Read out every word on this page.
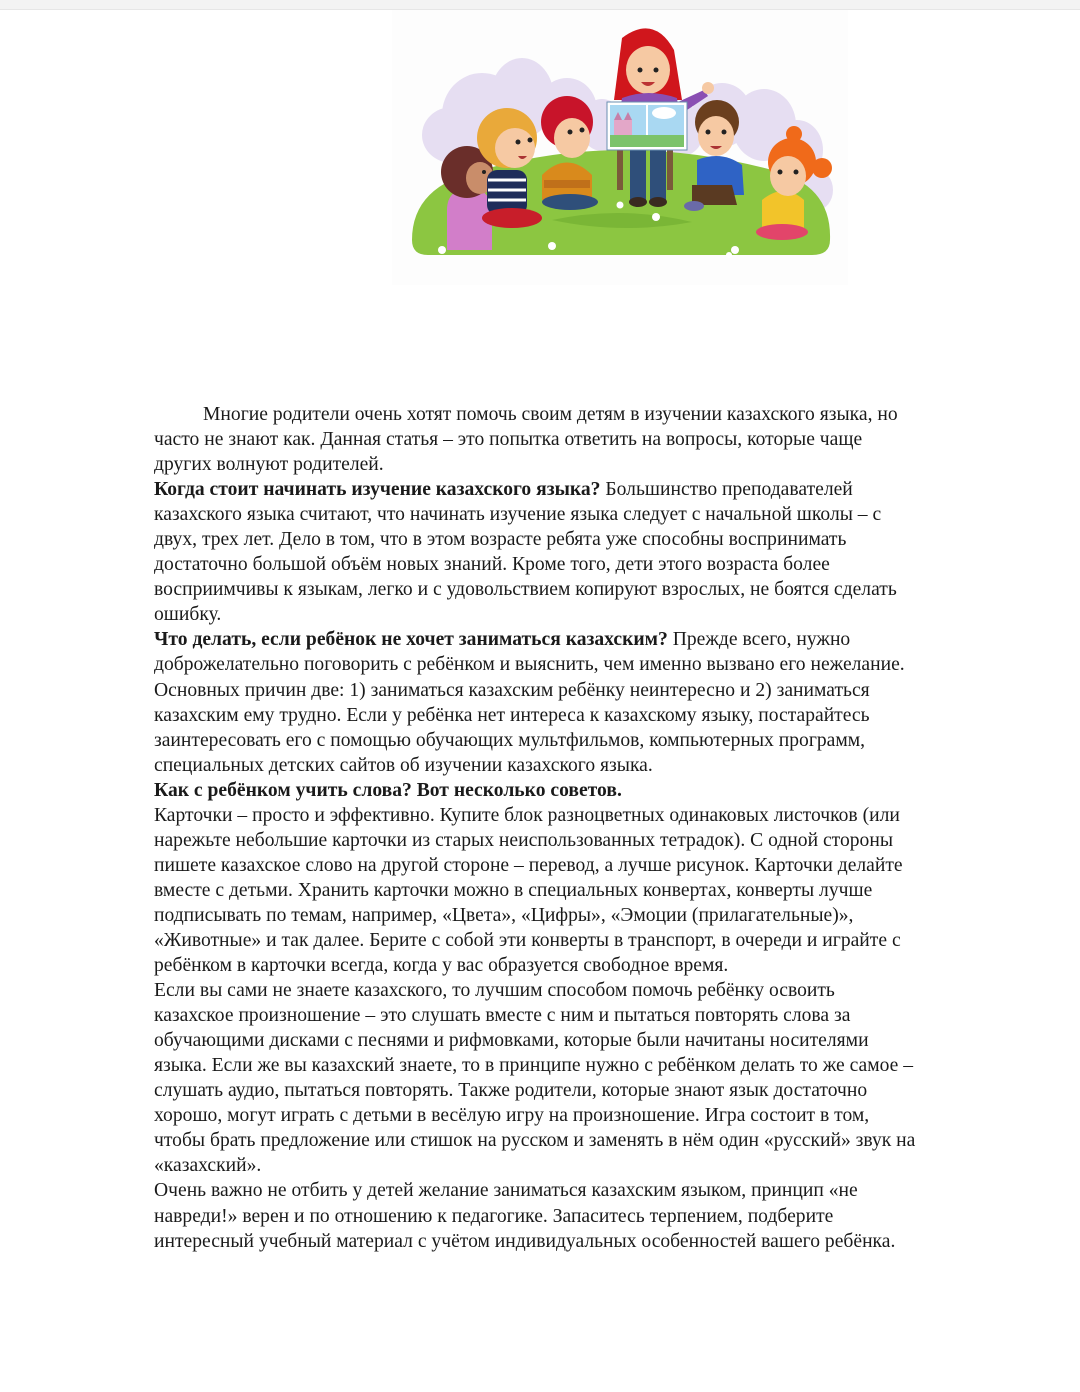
Многие родители очень хотят помочь своим детям в изучении казахского языка, но
часто не знают как. Данная статья – это попытка ответить на вопросы, которые чаще
других волнуют родителей.
Когда стоит начинать изучение казахского языка? Большинство преподавателей
казахского языка считают, что начинать изучение языка следует с начальной школы – с
двух, трех лет. Дело в том, что в этом возрасте ребята уже способны воспринимать
достаточно большой объём новых знаний. Кроме того, дети этого возраста более
восприимчивы к языкам, легко и с удовольствием копируют взрослых, не боятся сделать
ошибку.
Что делать, если ребёнок не хочет заниматься казахским? Прежде всего, нужно
доброжелательно поговорить с ребёнком и выяснить, чем именно вызвано его нежелание.
Основных причин две: 1) заниматься казахским ребёнку неинтересно и 2) заниматься
казахским ему трудно. Если у ребёнка нет интереса к казахскому языку, постарайтесь
заинтересовать его с помощью обучающих мультфильмов, компьютерных программ,
специальных детских сайтов об изучении казахского языка.
Как с ребёнком учить слова? Вот несколько советов.
Карточки – просто и эффективно. Купите блок разноцветных одинаковых листочков (или
нарежьте небольшие карточки из старых неиспользованных тетрадок). С одной стороны
пишете казахское слово на другой стороне – перевод, а лучше рисунок. Карточки делайте
вместе с детьми. Хранить карточки можно в специальных конвертах, конверты лучше
подписывать по темам, например, «Цвета», «Цифры», «Эмоции (прилагательные)»,
«Животные» и так далее. Берите с собой эти конверты в транспорт, в очереди и играйте с
ребёнком в карточки всегда, когда у вас образуется свободное время.
Если вы сами не знаете казахского, то лучшим способом помочь ребёнку освоить
казахское произношение – это слушать вместе с ним и пытаться повторять слова за
обучающими дисками с песнями и рифмовками, которые были начитаны носителями
языка. Если же вы казахский знаете, то в принципе нужно с ребёнком делать то же самое –
слушать аудио, пытаться повторять. Также родители, которые знают язык достаточно
хорошо, могут играть с детьми в весёлую игру на произношение. Игра состоит в том,
чтобы брать предложение или стишок на русском и заменять в нём один «русский» звук на
«казахский».
Очень важно не отбить у детей желание заниматься казахским языком, принцип «не
навреди!» верен и по отношению к педагогике. Запаситесь терпением, подберите
интересный учебный материал с учётом индивидуальных особенностей вашего ребёнка.
